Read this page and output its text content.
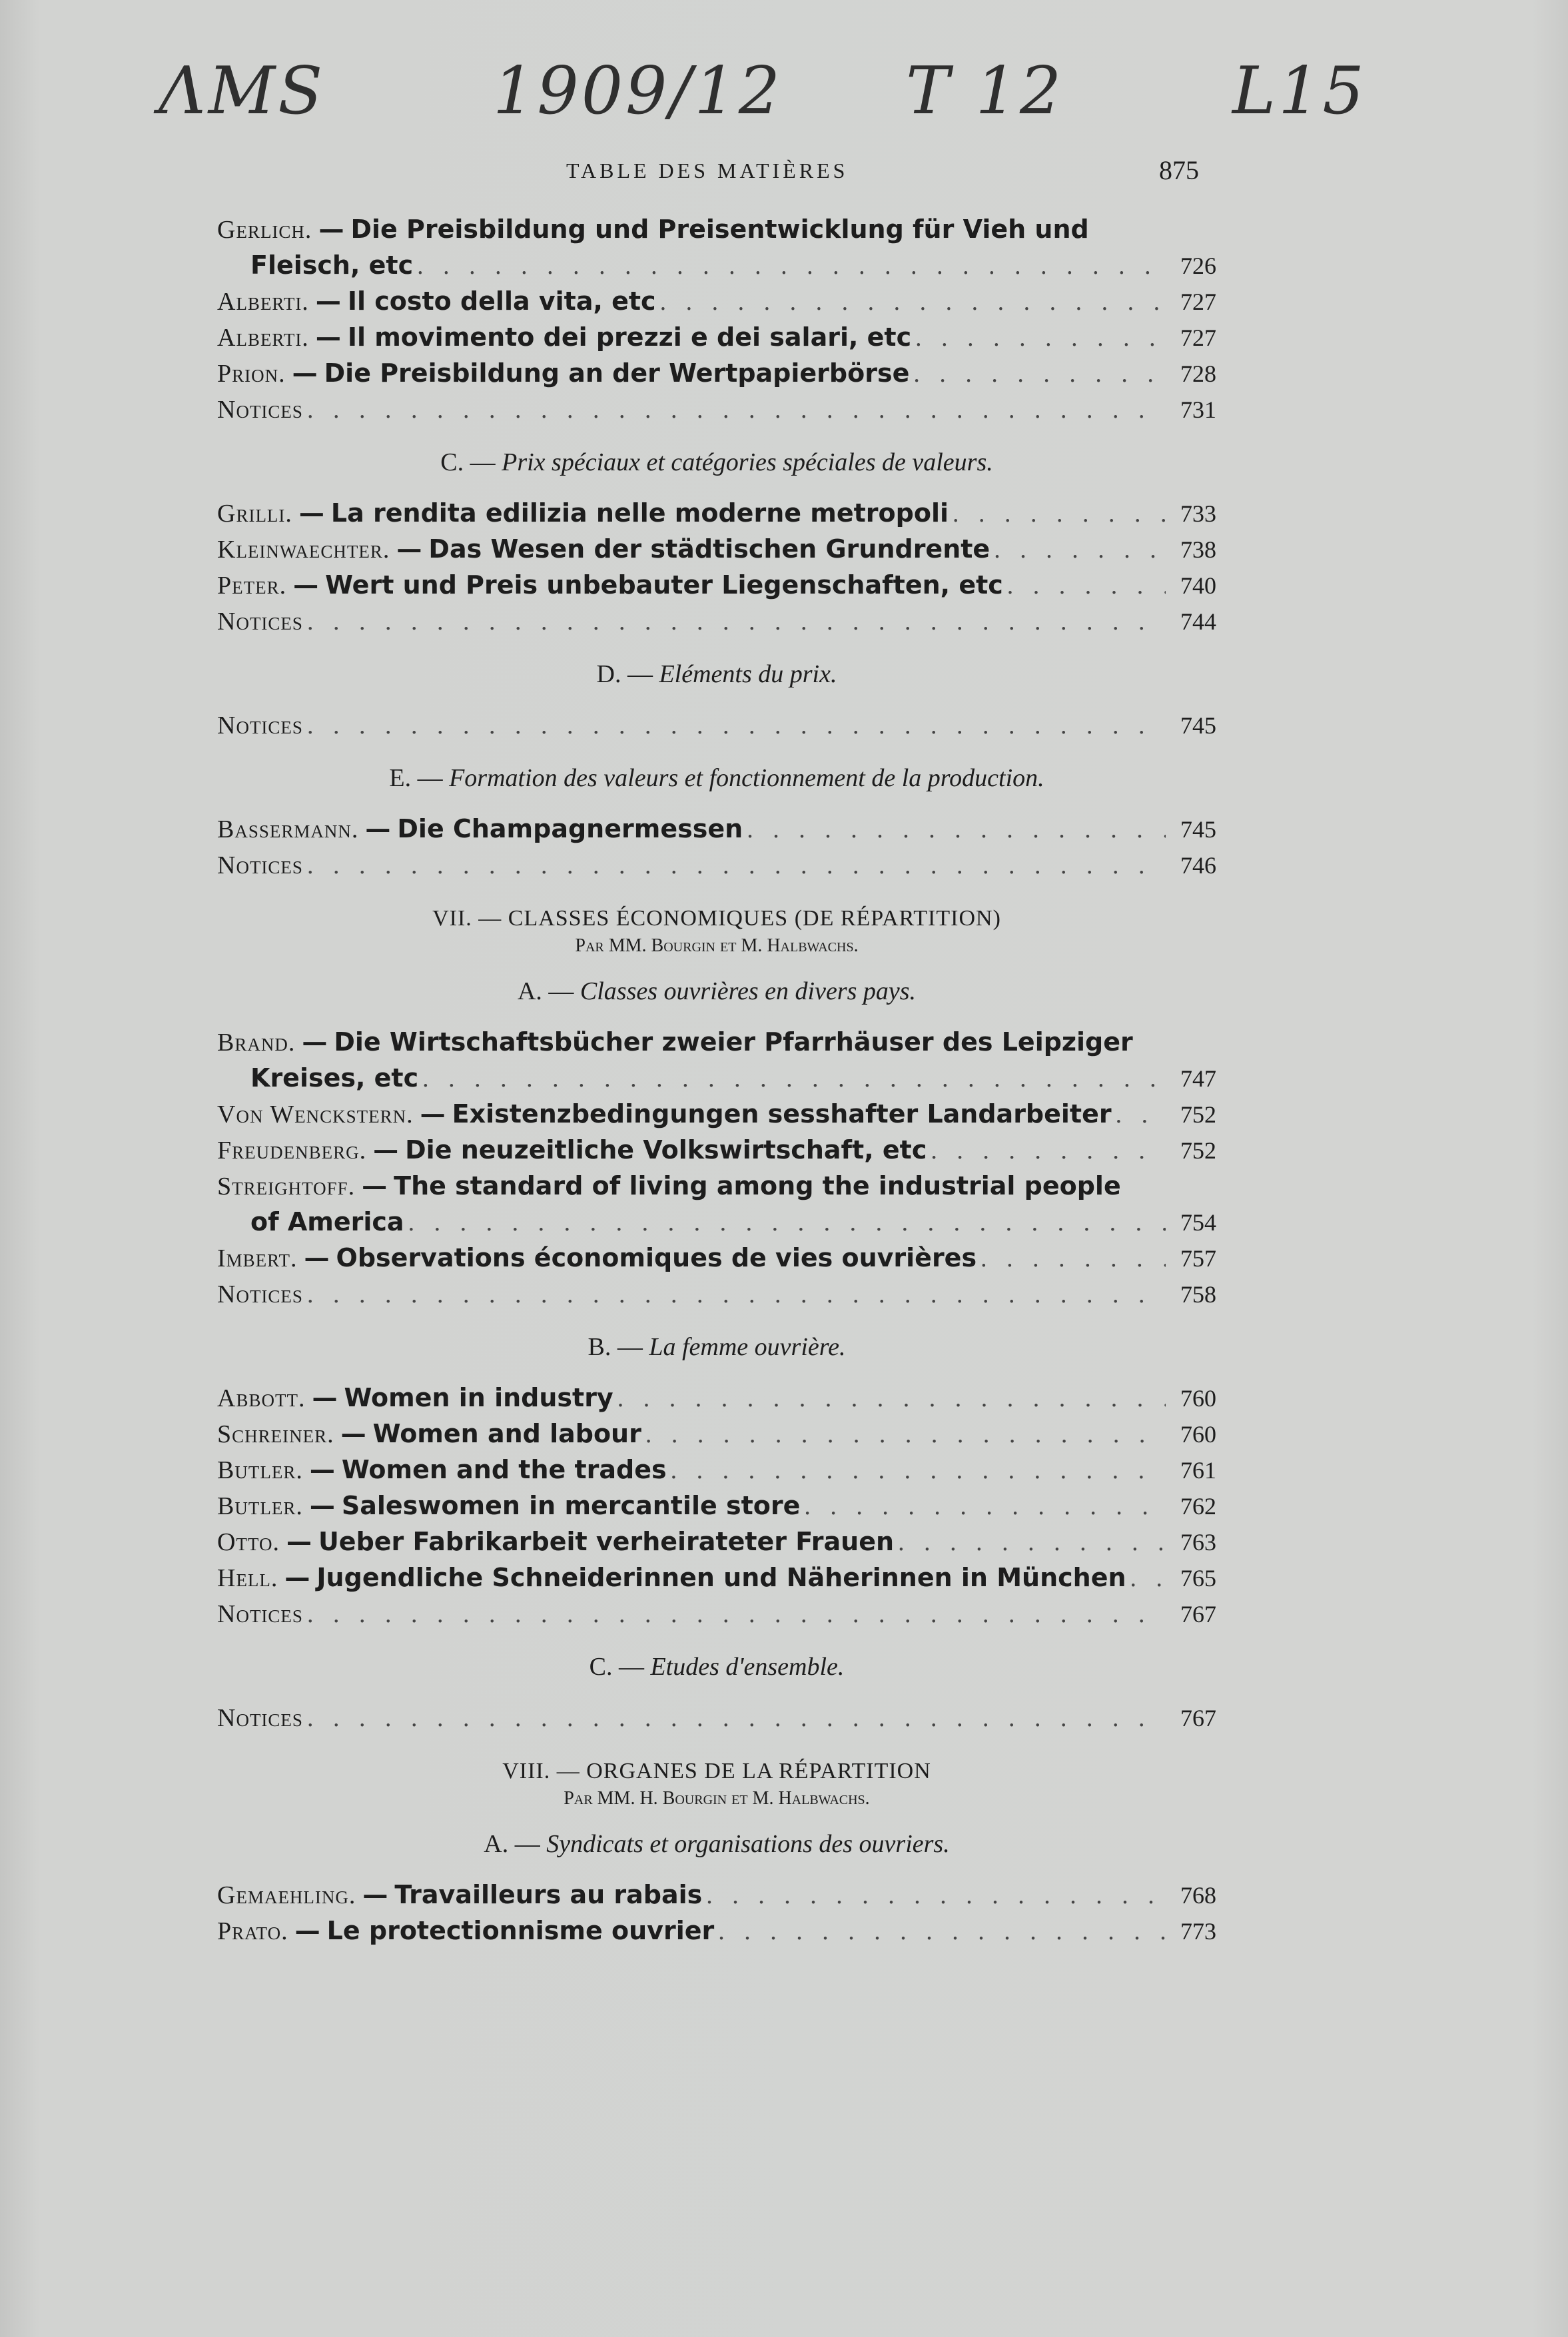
ΛΜS	1909/12 T 12	L15
TABLE DES MATIÈRES	875
Gerlich. — Die Preisbildung und Preisentwicklung für Vieh und
Fleisch, etc . . .	726
Alberti. — Il costo della vita, etc . . .	727
Alberti. — Il movimento dei prezzi e dei salari, etc . . .	727
Prion. — Die Preisbildung an der Wertpapierbörse . . .	728
Notices . . .	731
C. — Prix spéciaux et catégories spéciales de valeurs.
Grilli. — La rendita edilizia nelle moderne metropoli . . .	733
Kleinwaechter. — Das Wesen der städtischen Grundrente . . .	738
Peter. — Wert und Preis unbebauter Liegenschaften, etc . . .	740
Notices . . .	744
D. — Eléments du prix.
Notices . . .	745
E. — Formation des valeurs et fonctionnement de la production.
Bassermann. — Die Champagnermessen . . .	745
Notices . . .	746
VII. — CLASSES ÉCONOMIQUES (DE RÉPARTITION)
Par MM. Bourgin et M. Halbwachs.
A. — Classes ouvrières en divers pays.
Brand. — Die Wirtschaftsbücher zweier Pfarrhäuser des Leipziger
Kreises, etc . . .	747
Von Wenckstern. — Existenzbedingungen sesshafter Landarbeiter . . .	752
Freudenberg. — Die neuzeitliche Volkswirtschaft, etc . . .	752
Streightoff. — The standard of living among the industrial people
of America . . .	754
Imbert. — Observations économiques de vies ouvrières . . .	757
Notices . . .	758
B. — La femme ouvrière.
Abbott. — Women in industry . . .	760
Schreiner. — Women and labour . . .	760
Butler. — Women and the trades . . .	761
Butler. — Saleswomen in mercantile store . . .	762
Otto. — Ueber Fabrikarbeit verheirateter Frauen . . .	763
Hell. — Jugendliche Schneiderinnen und Näherinnen in München . . .	765
Notices . . .	767
C. — Etudes d'ensemble.
Notices . . .	767
VIII. — ORGANES DE LA RÉPARTITION
Par MM. H. Bourgin et M. Halbwachs.
A. — Syndicats et organisations des ouvriers.
Gemaehling. — Travailleurs au rabais . . .	768
Prato. — Le protectionnisme ouvrier . . .	773
